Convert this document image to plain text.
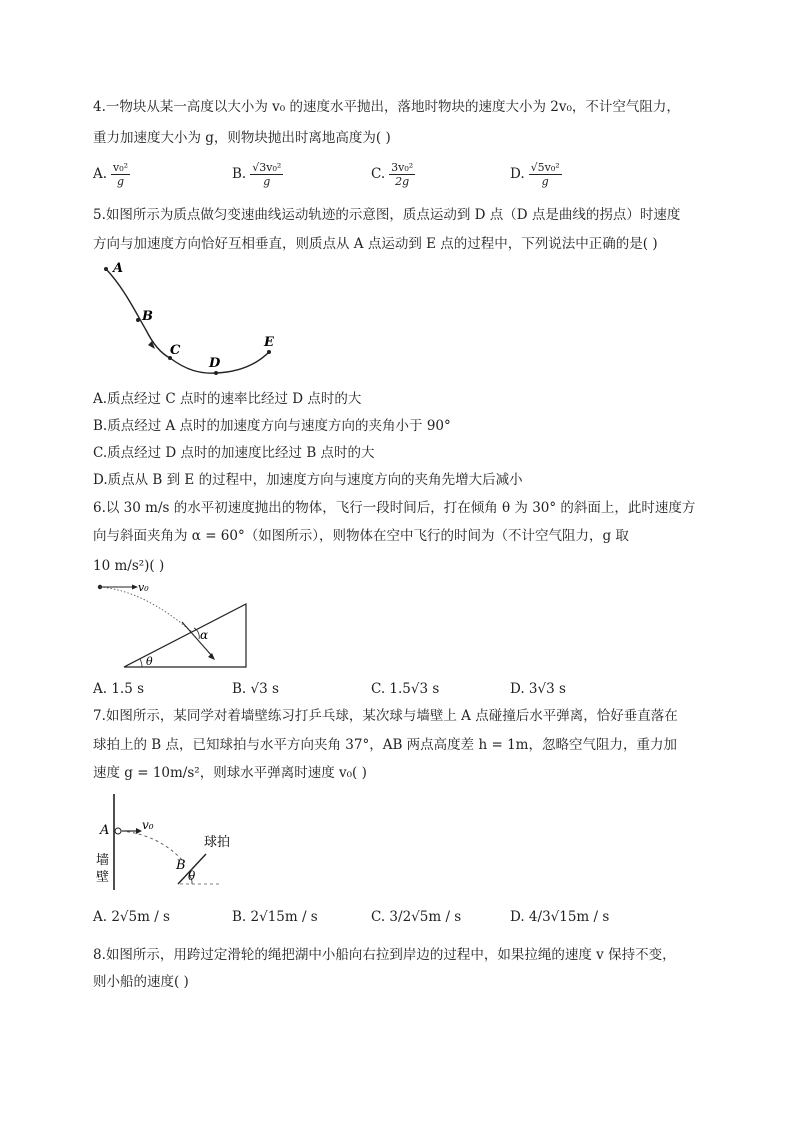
4.一物块从某一高度以大小为 v₀ 的速度水平抛出，落地时物块的速度大小为 2v₀，不计空气阻力，
重力加速度大小为 g，则物块抛出时离地高度为( )
A. $\frac{\text{v₀²}}{g}$	B. $\frac{\text{√3v₀²}}{g}$	C. $\frac{\text{3v₀²}}{2g}$	D. $\frac{\text{√5v₀²}}{g}$
5.如图所示为质点做匀变速曲线运动轨迹的示意图，质点运动到 D 点（D 点是曲线的拐点）时速度
方向与加速度方向恰好互相垂直，则质点从 A 点运动到 E 点的过程中，下列说法中正确的是( )
A
B
C
D
E
A.质点经过 C 点时的速率比经过 D 点时的大
B.质点经过 A 点时的加速度方向与速度方向的夹角小于 90°
C.质点经过 D 点时的加速度比经过 B 点时的大
D.质点从 B 到 E 的过程中，加速度方向与速度方向的夹角先增大后减小
6.以 30 m/s 的水平初速度抛出的物体，飞行一段时间后，打在倾角 θ 为 30° 的斜面上，此时速度方
向与斜面夹角为 α = 60°（如图所示），则物体在空中飞行的时间为（不计空气阻力，g 取
10 m/s²)( )
v₀
α
θ
A. 1.5 s	B. √3 s	C. 1.5√3 s	D. 3√3 s
7.如图所示，某同学对着墙壁练习打乒乓球，某次球与墙壁上 A 点碰撞后水平弹离，恰好垂直落在
球拍上的 B 点，已知球拍与水平方向夹角 37°，AB 两点高度差 h = 1m，忽略空气阻力，重力加
速度 g = 10m/s²，则球水平弹离时速度 v₀( )
A	v₀
墙
壁
球拍
B
θ
A. 2√5m / s	B. 2√15m / s	C. 3/2√5m / s	D. 4/3√15m / s
8.如图所示，用跨过定滑轮的绳把湖中小船向右拉到岸边的过程中，如果拉绳的速度 v 保持不变，
则小船的速度( )
